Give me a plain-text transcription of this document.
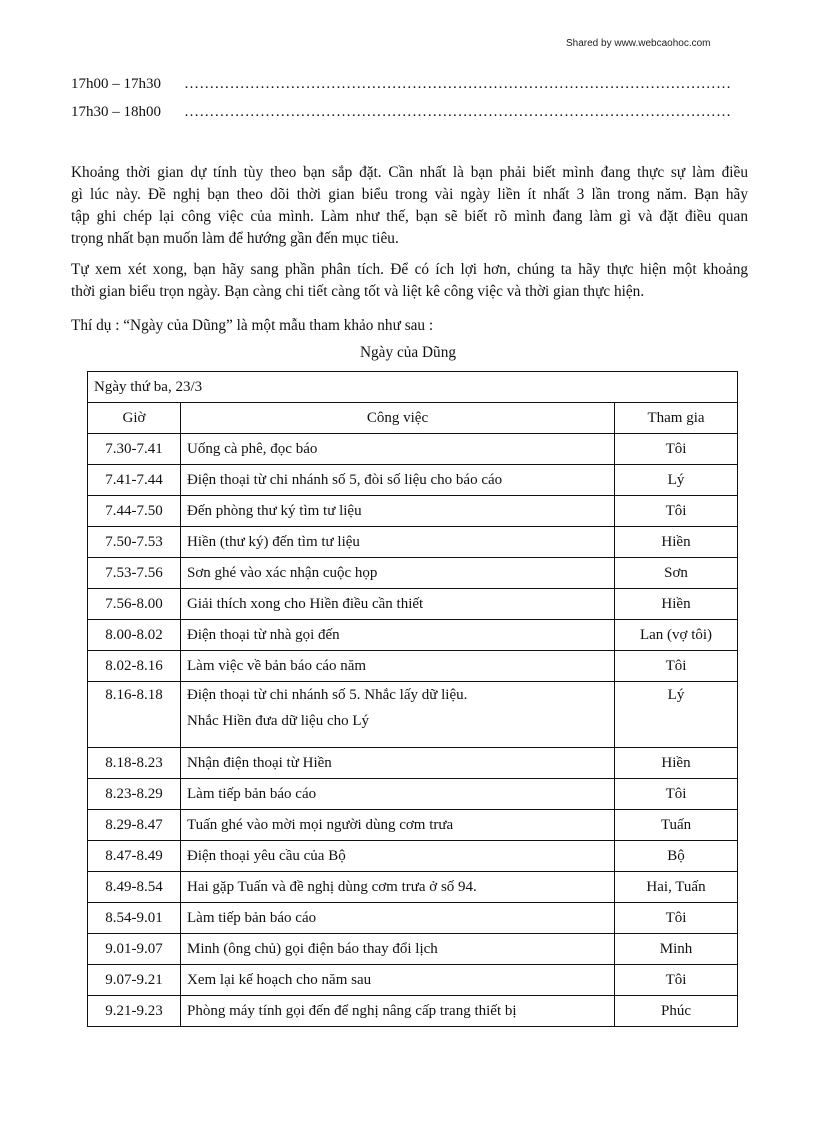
Shared by www.webcaohoc.com
17h00 – 17h30 ………………………………………………………………………………………………
17h30 – 18h00 ………………………………………………………………………………………………
Khoảng thời gian dự tính tùy theo bạn sắp đặt. Cần nhất là bạn phải biết mình đang thực sự làm điều
gì lúc này. Đề nghị bạn theo dõi thời gian biểu trong vài ngày liền ít nhất 3 lần trong năm. Bạn hãy
tập ghi chép lại công việc của mình. Làm như thế, bạn sẽ biết rõ mình đang làm gì và đặt điều quan
trọng nhất bạn muốn làm để hướng gần đến mục tiêu.
Tự xem xét xong, bạn hãy sang phần phân tích. Để có ích lợi hơn, chúng ta hãy thực hiện một khoảng
thời gian biểu trọn ngày. Bạn càng chi tiết càng tốt và liệt kê công việc và thời gian thực hiện.
Thí dụ : “Ngày của Dũng” là một mẫu tham khảo như sau :
Ngày của Dũng
Ngày thứ ba, 23/3		
Giờ	Công việc	Tham gia
7.30-7.41	Uống cà phê, đọc báo	Tôi
7.41-7.44	Điện thoại từ chi nhánh số 5, đòi số liệu cho báo cáo	Lý
7.44-7.50	Đến phòng thư ký tìm tư liệu	Tôi
7.50-7.53	Hiền (thư ký) đến tìm tư liệu	Hiền
7.53-7.56	Sơn ghé vào xác nhận cuộc họp	Sơn
7.56-8.00	Giải thích xong cho Hiền điều cần thiết	Hiền
8.00-8.02	Điện thoại từ nhà gọi đến	Lan (vợ tôi)
8.02-8.16	Làm việc về bản báo cáo năm	Tôi
8.16-8.18	Điện thoại từ chi nhánh số 5. Nhắc lấy dữ liệu.
Nhắc Hiền đưa dữ liệu cho Lý	Lý
8.18-8.23	Nhận điện thoại từ Hiền	Hiền
8.23-8.29	Làm tiếp bản báo cáo	Tôi
8.29-8.47	Tuấn ghé vào mời mọi người dùng cơm trưa	Tuấn
8.47-8.49	Điện thoại yêu cầu của Bộ	Bộ
8.49-8.54	Hai gặp Tuấn và đề nghị dùng cơm trưa ở số 94.	Hai, Tuấn
8.54-9.01	Làm tiếp bản báo cáo	Tôi
9.01-9.07	Minh (ông chủ) gọi điện báo thay đổi lịch	Minh
9.07-9.21	Xem lại kế hoạch cho năm sau	Tôi
9.21-9.23	Phòng máy tính gọi đến để nghị nâng cấp trang thiết bị	Phúc
